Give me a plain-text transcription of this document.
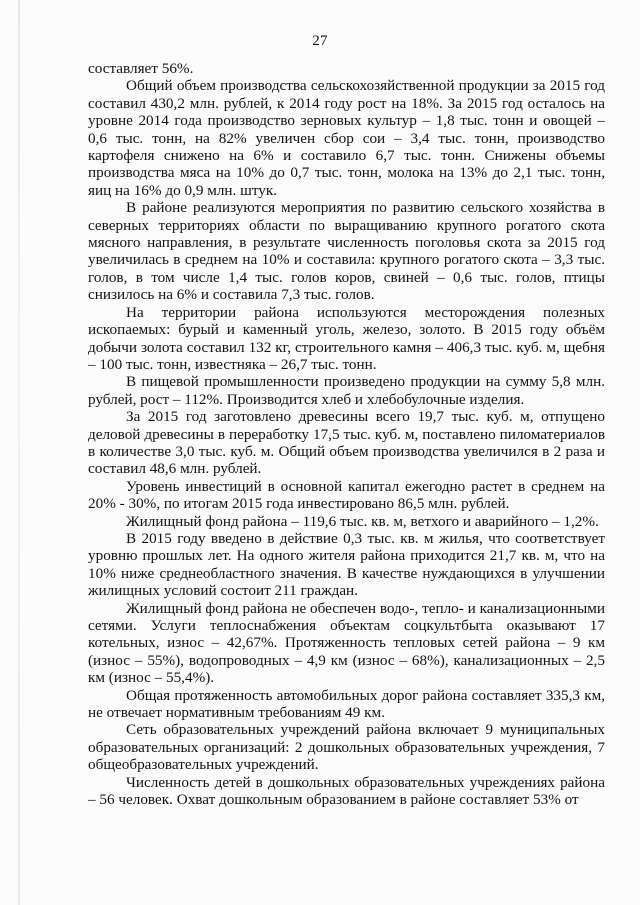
27

составляет 56%.

Общий объем производства сельскохозяйственной продукции за 2015 год составил 430,2 млн. рублей, к 2014 году рост на 18%. За 2015 год осталось на уровне 2014 года производство зерновых культур – 1,8 тыс. тонн и овощей – 0,6 тыс. тонн, на 82% увеличен сбор сои – 3,4 тыс. тонн, производство картофеля снижено на 6% и составило 6,7 тыс. тонн. Снижены объемы производства мяса на 10% до 0,7 тыс. тонн, молока на 13% до 2,1 тыс. тонн, яиц на 16% до 0,9 млн. штук.

В районе реализуются мероприятия по развитию сельского хозяйства в северных территориях области по выращиванию крупного рогатого скота мясного направления, в результате численность поголовья скота за 2015 год увеличилась в среднем на 10% и составила: крупного рогатого скота – 3,3 тыс. голов, в том числе 1,4 тыс. голов коров, свиней – 0,6 тыс. голов, птицы снизилось на 6% и составила 7,3 тыс. голов.

На территории района используются месторождения полезных ископаемых: бурый и каменный уголь, железо, золото. В 2015 году объём добычи золота составил 132 кг, строительного камня – 406,3 тыс. куб. м, щебня – 100 тыс. тонн, известняка – 26,7 тыс. тонн.

В пищевой промышленности произведено продукции на сумму 5,8 млн. рублей, рост – 112%. Производится хлеб и хлебобулочные изделия.

За 2015 год заготовлено древесины всего 19,7 тыс. куб. м, отпущено деловой древесины в переработку 17,5 тыс. куб. м, поставлено пиломатериалов в количестве 3,0 тыс. куб. м. Общий объем производства увеличился в 2 раза и составил 48,6 млн. рублей.

Уровень инвестиций в основной капитал ежегодно растет в среднем на 20% - 30%, по итогам 2015 года инвестировано 86,5 млн. рублей.

Жилищный фонд района – 119,6 тыс. кв. м, ветхого и аварийного – 1,2%.

В 2015 году введено в действие 0,3 тыс. кв. м жилья, что соответствует уровню прошлых лет. На одного жителя района приходится 21,7 кв. м, что на 10% ниже среднеобластного значения. В качестве нуждающихся в улучшении жилищных условий состоит 211 граждан.

Жилищный фонд района не обеспечен водо-, тепло- и канализационными сетями. Услуги теплоснабжения объектам соцкультбыта оказывают 17 котельных, износ – 42,67%. Протяженность тепловых сетей района – 9 км (износ – 55%), водопроводных – 4,9 км (износ – 68%), канализационных – 2,5 км (износ – 55,4%).

Общая протяженность автомобильных дорог района составляет 335,3 км, не отвечает нормативным требованиям 49 км.

Сеть образовательных учреждений района включает 9 муниципальных образовательных организаций: 2 дошкольных образовательных учреждения, 7 общеобразовательных учреждений.

Численность детей в дошкольных образовательных учреждениях района – 56 человек. Охват дошкольным образованием в районе составляет 53% от
